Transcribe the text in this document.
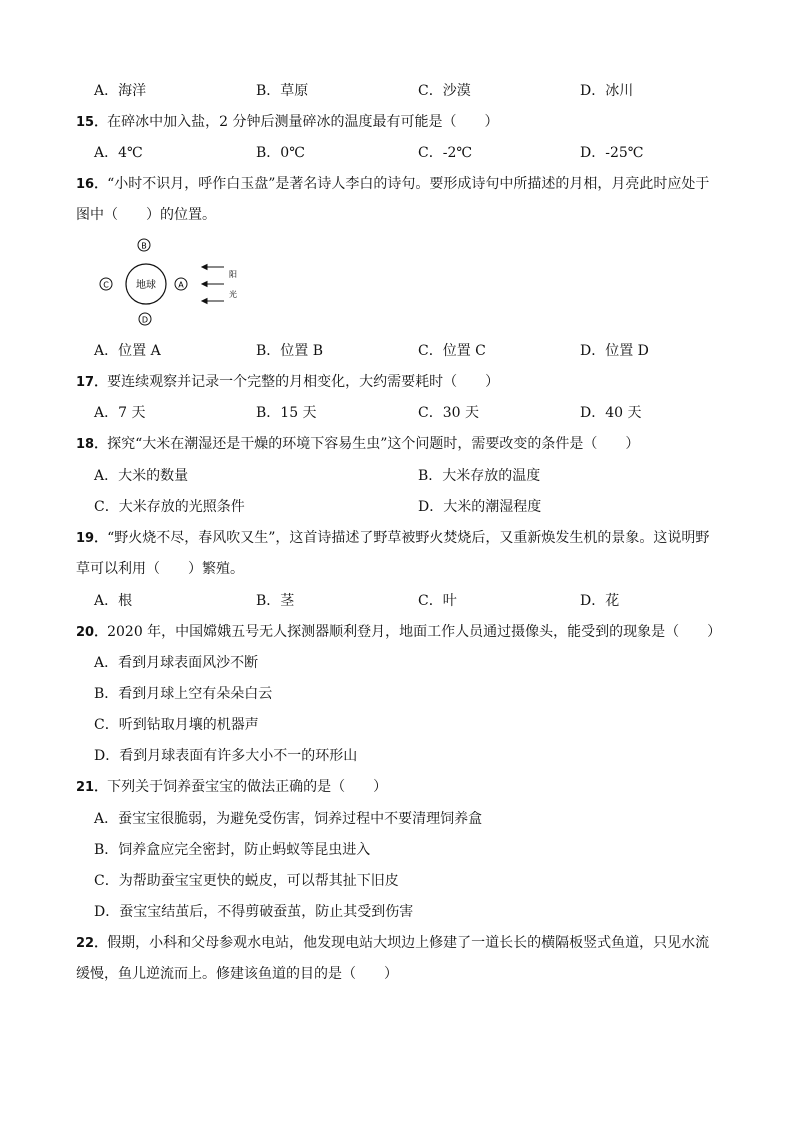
A．海洋	B．草原	C．沙漠	D．冰川
15．在碎冰中加入盐，2 分钟后测量碎冰的温度最有可能是（　　）
A．4℃	B．0℃	C．-2℃	D．-25℃
16．“小时不识月，呼作白玉盘”是著名诗人李白的诗句。要形成诗句中所描述的月相，月亮此时应处于
图中（　　）的位置。
地球
B
C	A
D
阳
光
A．位置 A	B．位置 B	C．位置 C	D．位置 D
17．要连续观察并记录一个完整的月相变化，大约需要耗时（　　）
A．7 天	B．15 天	C．30 天	D．40 天
18．探究“大米在潮湿还是干燥的环境下容易生虫”这个问题时，需要改变的条件是（　　）
A．大米的数量	B．大米存放的温度
C．大米存放的光照条件	D．大米的潮湿程度
19．“野火烧不尽，春风吹又生”，这首诗描述了野草被野火焚烧后，又重新焕发生机的景象。这说明野
草可以利用（　　）繁殖。
A．根	B．茎	C．叶	D．花
20．2020 年，中国嫦娥五号无人探测器顺利登月，地面工作人员通过摄像头，能受到的现象是（　　）
A．看到月球表面风沙不断
B．看到月球上空有朵朵白云
C．听到钻取月壤的机器声
D．看到月球表面有许多大小不一的环形山
21．下列关于饲养蚕宝宝的做法正确的是（　　）
A．蚕宝宝很脆弱，为避免受伤害，饲养过程中不要清理饲养盒
B．饲养盒应完全密封，防止蚂蚁等昆虫进入
C．为帮助蚕宝宝更快的蜕皮，可以帮其扯下旧皮
D．蚕宝宝结茧后，不得剪破蚕茧，防止其受到伤害
22．假期，小科和父母参观水电站，他发现电站大坝边上修建了一道长长的横隔板竖式鱼道，只见水流
缓慢，鱼儿逆流而上。修建该鱼道的目的是（　　）
